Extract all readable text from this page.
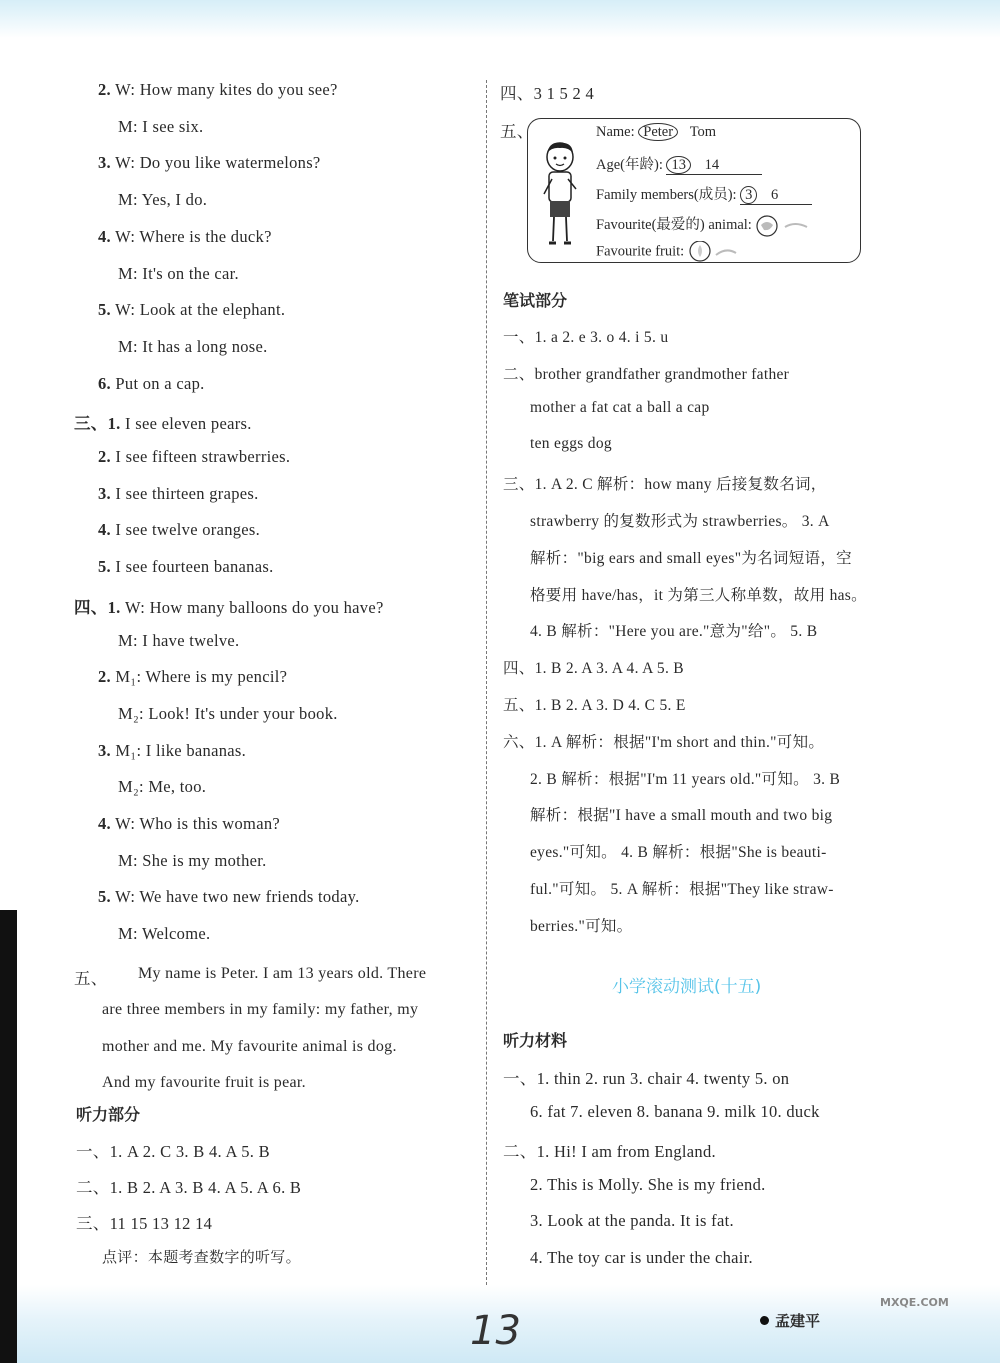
2. W: How many kites do you see?
M: I see six.
3. W: Do you like watermelons?
M: Yes, I do.
4. W: Where is the duck?
M: It's on the car.
5. W: Look at the elephant.
M: It has a long nose.
6. Put on a cap.
三、1. I see eleven pears.
2. I see fifteen strawberries.
3. I see thirteen grapes.
4. I see twelve oranges.
5. I see fourteen bananas.
四、1. W: How many balloons do you have?
M: I have twelve.
2. M₁: Where is my pencil?
M₂: Look! It's under your book.
3. M₁: I like bananas.
M₂: Me, too.
4. W: Who is this woman?
M: She is my mother.
5. W: We have two new friends today.
M: Welcome.
五、 My name is Peter. I am 13 years old. There
are three members in my family: my father, my
mother and me. My favourite animal is dog.
And my favourite fruit is pear.
听力部分
一、1. A 2. C 3. B 4. A 5. B
二、1. B 2. A 3. B 4. A 5. A 6. B
三、11 15 13 12 14
点评：本题考查数字的听写。
四、3 1 5 2 4
五、	Name: Peter Tom
Age(年龄): 13 14
Family members(成员): 3 6
Favourite(最爱的) animal:
Favourite fruit:
笔试部分
一、1. a 2. e 3. o 4. i 5. u
二、brother grandfather grandmother father
mother a fat cat a ball a cap
ten eggs dog
三、1. A 2. C 解析：how many 后接复数名词，
strawberry 的复数形式为 strawberries。 3. A
解析："big ears and small eyes"为名词短语，空
格要用 have/has，it 为第三人称单数，故用 has。
4. B 解析："Here you are."意为"给"。 5. B
四、1. B 2. A 3. A 4. A 5. B
五、1. B 2. A 3. D 4. C 5. E
六、1. A 解析：根据"I'm short and thin."可知。
2. B 解析：根据"I'm 11 years old."可知。 3. B
解析：根据"I have a small mouth and two big
eyes."可知。 4. B 解析：根据"She is beauti-
ful."可知。 5. A 解析：根据"They like straw-
berries."可知。
小学滚动测试(十五)
听力材料
一、1. thin 2. run 3. chair 4. twenty 5. on
6. fat 7. eleven 8. banana 9. milk 10. duck
二、1. Hi! I am from England.
2. This is Molly. She is my friend.
3. Look at the panda. It is fat.
4. The toy car is under the chair.
13	孟建平
MXQE.COM
